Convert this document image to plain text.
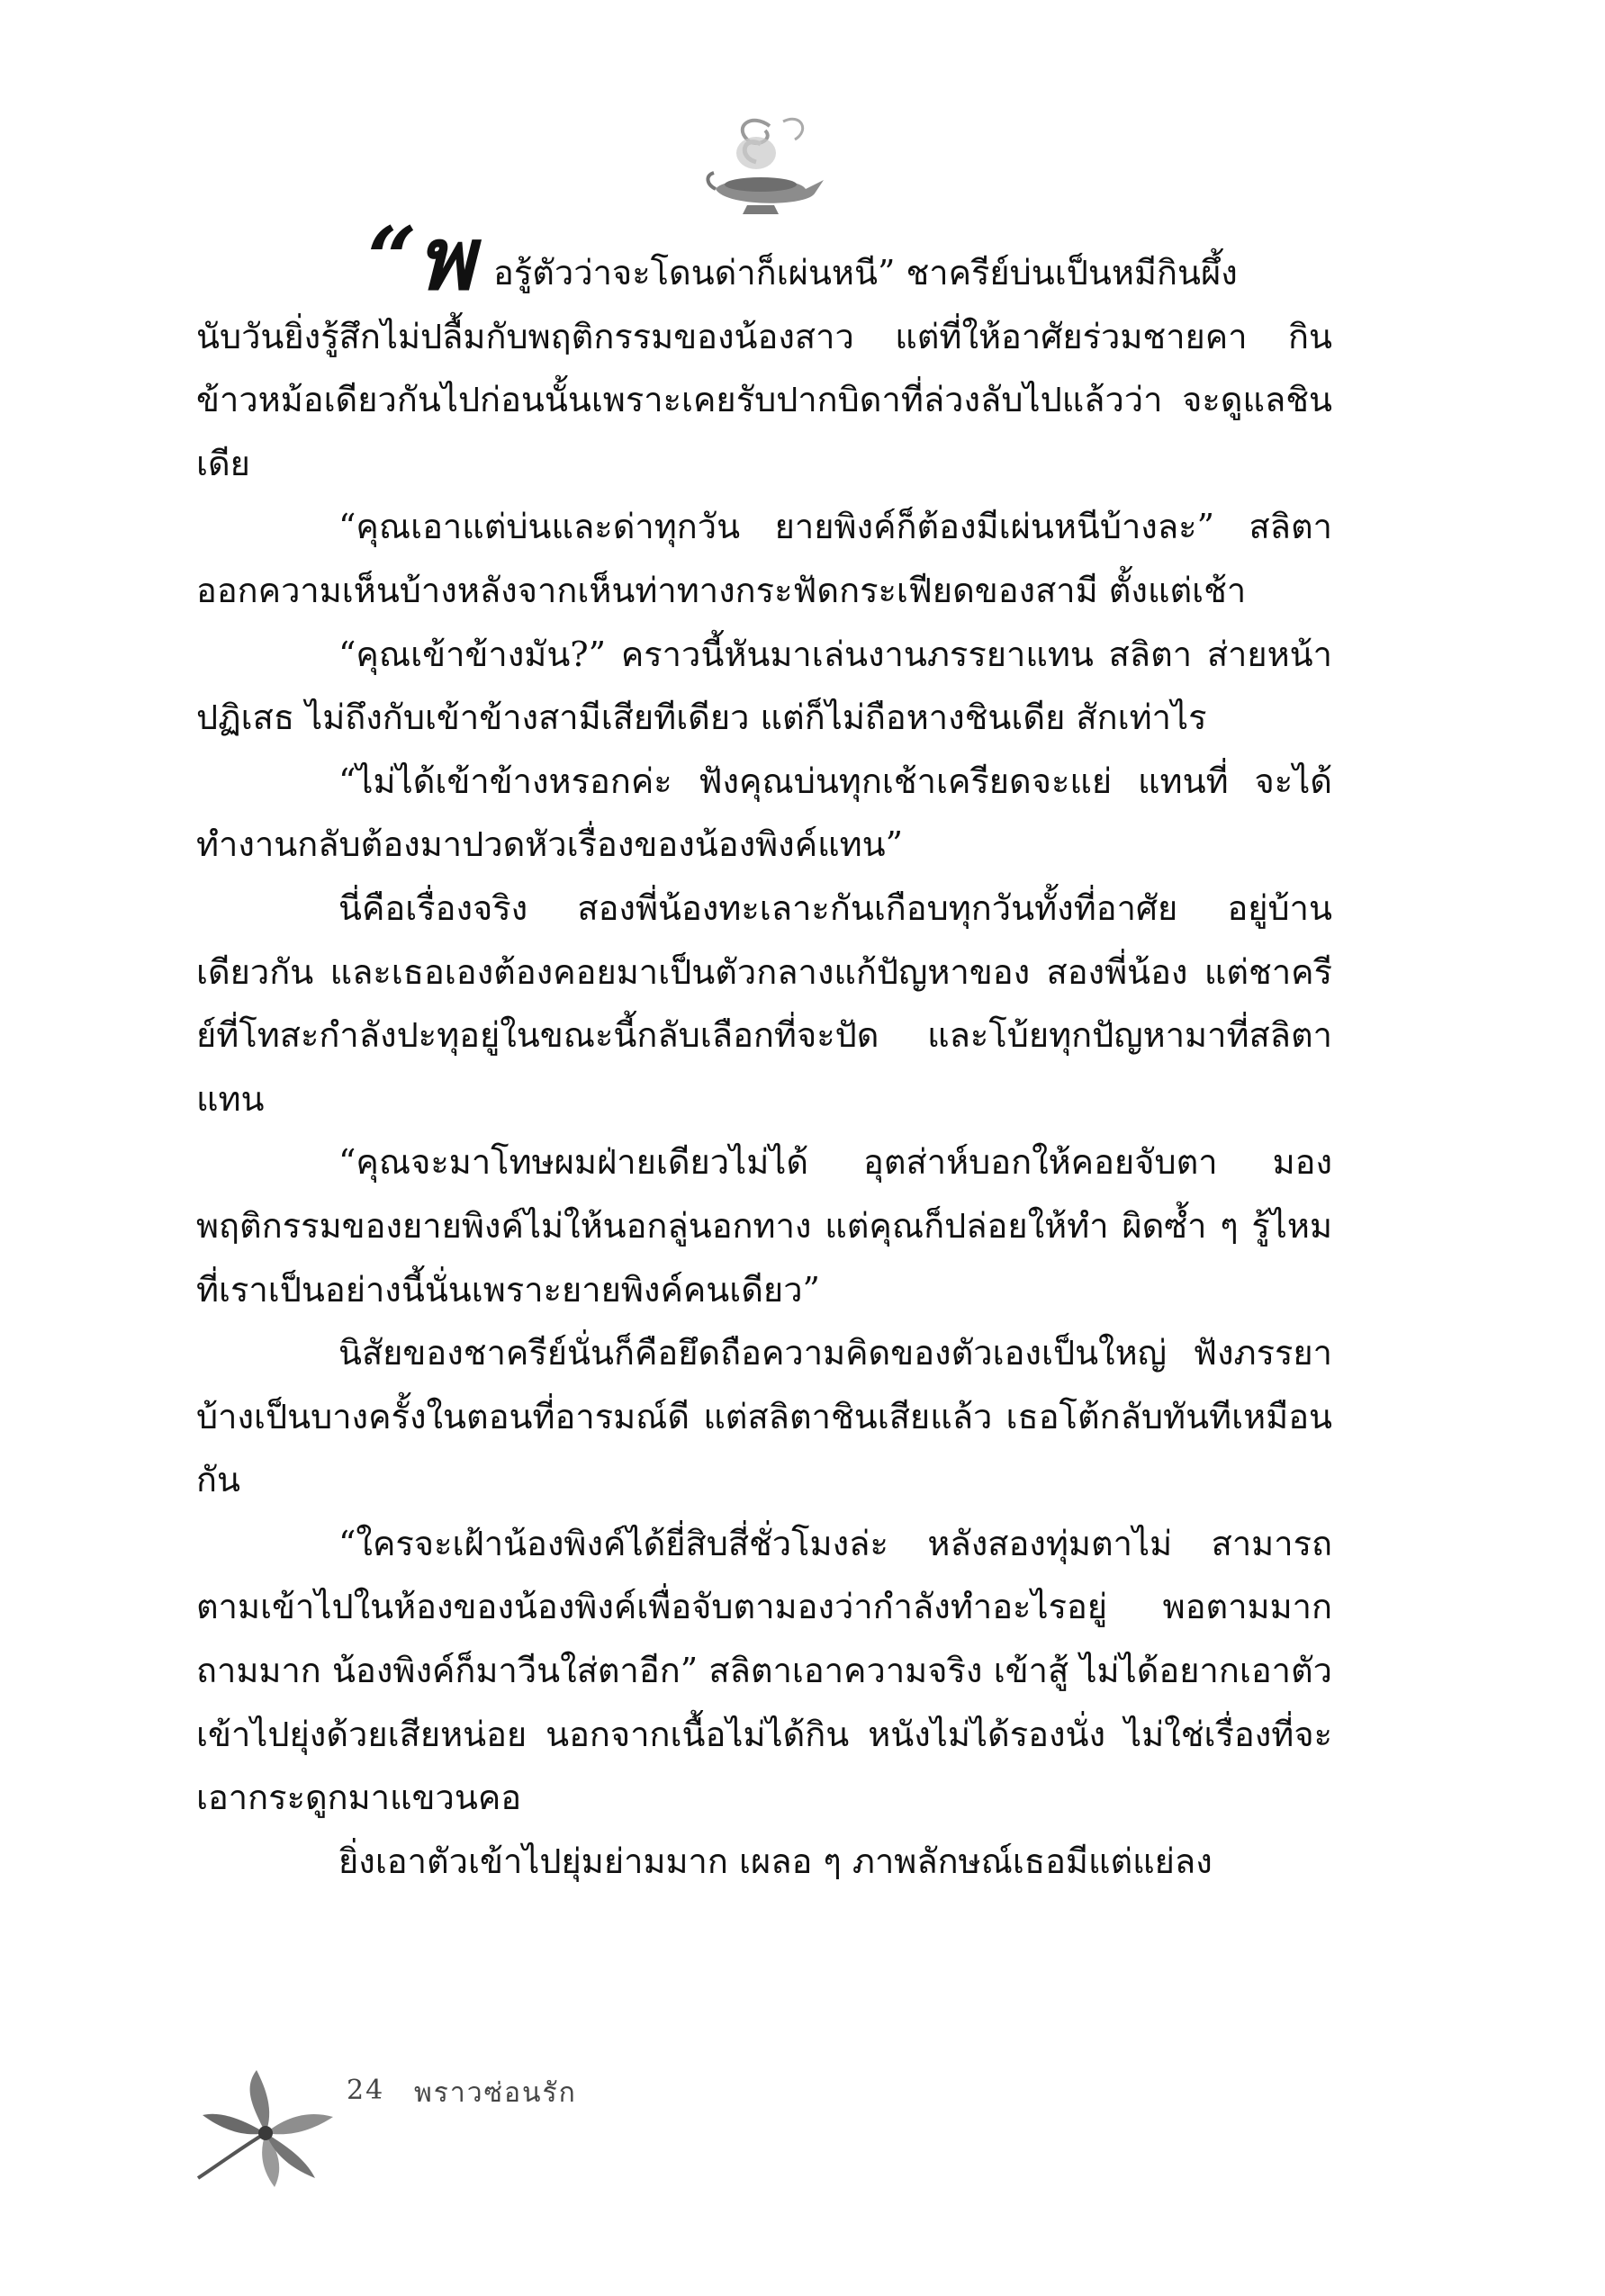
“พ อรู้ตัวว่าจะโดนด่าก็เผ่นหนี” ชาครีย์บ่นเป็นหมีกินผึ้ง

นับวันยิ่งรู้สึกไม่ปลื้มกับพฤติกรรมของน้องสาว แต่ที่ให้อาศัยร่วมชายคา กินข้าวหม้อเดียวกันไปก่อนนั้นเพราะเคยรับปากบิดาที่ล่วงลับไปแล้วว่า จะดูแลชินเดีย

“คุณเอาแต่บ่นและด่าทุกวัน ยายพิงค์ก็ต้องมีเผ่นหนีบ้างละ” สลิตาออกความเห็นบ้างหลังจากเห็นท่าทางกระฟัดกระเฟียดของสามี ตั้งแต่เช้า

“คุณเข้าข้างมัน?” คราวนี้หันมาเล่นงานภรรยาแทน สลิตา ส่ายหน้าปฏิเสธ ไม่ถึงกับเข้าข้างสามีเสียทีเดียว แต่ก็ไม่ถือหางชินเดีย สักเท่าไร

“ไม่ได้เข้าข้างหรอกค่ะ ฟังคุณบ่นทุกเช้าเครียดจะแย่ แทนที่ จะได้ทำงานกลับต้องมาปวดหัวเรื่องของน้องพิงค์แทน”

นี่คือเรื่องจริง สองพี่น้องทะเลาะกันเกือบทุกวันทั้งที่อาศัย อยู่บ้านเดียวกัน และเธอเองต้องคอยมาเป็นตัวกลางแก้ปัญหาของ สองพี่น้อง แต่ชาครีย์ที่โทสะกำลังปะทุอยู่ในขณะนี้กลับเลือกที่จะปัด และโบ้ยทุกปัญหามาที่สลิตาแทน

“คุณจะมาโทษผมฝ่ายเดียวไม่ได้ อุตส่าห์บอกให้คอยจับตา มองพฤติกรรมของยายพิงค์ไม่ให้นอกลู่นอกทาง แต่คุณก็ปล่อยให้ทำ ผิดซ้ำ ๆ รู้ไหมที่เราเป็นอย่างนี้นั่นเพราะยายพิงค์คนเดียว”

นิสัยของชาครีย์นั่นก็คือยึดถือความคิดของตัวเองเป็นใหญ่ ฟังภรรยาบ้างเป็นบางครั้งในตอนที่อารมณ์ดี แต่สลิตาชินเสียแล้ว เธอโต้กลับทันทีเหมือนกัน

“ใครจะเฝ้าน้องพิงค์ได้ยี่สิบสี่ชั่วโมงล่ะ หลังสองทุ่มตาไม่ สามารถตามเข้าไปในห้องของน้องพิงค์เพื่อจับตามองว่ากำลังทำอะไรอยู่ พอตามมาก ถามมาก น้องพิงค์ก็มาวีนใส่ตาอีก” สลิตาเอาความจริง เข้าสู้ ไม่ได้อยากเอาตัวเข้าไปยุ่งด้วยเสียหน่อย นอกจากเนื้อไม่ได้กิน หนังไม่ได้รองนั่ง ไม่ใช่เรื่องที่จะเอากระดูกมาแขวนคอ

ยิ่งเอาตัวเข้าไปยุ่มย่ามมาก เผลอ ๆ ภาพลักษณ์เธอมีแต่แย่ลง

24 พราวซ่อนรัก
